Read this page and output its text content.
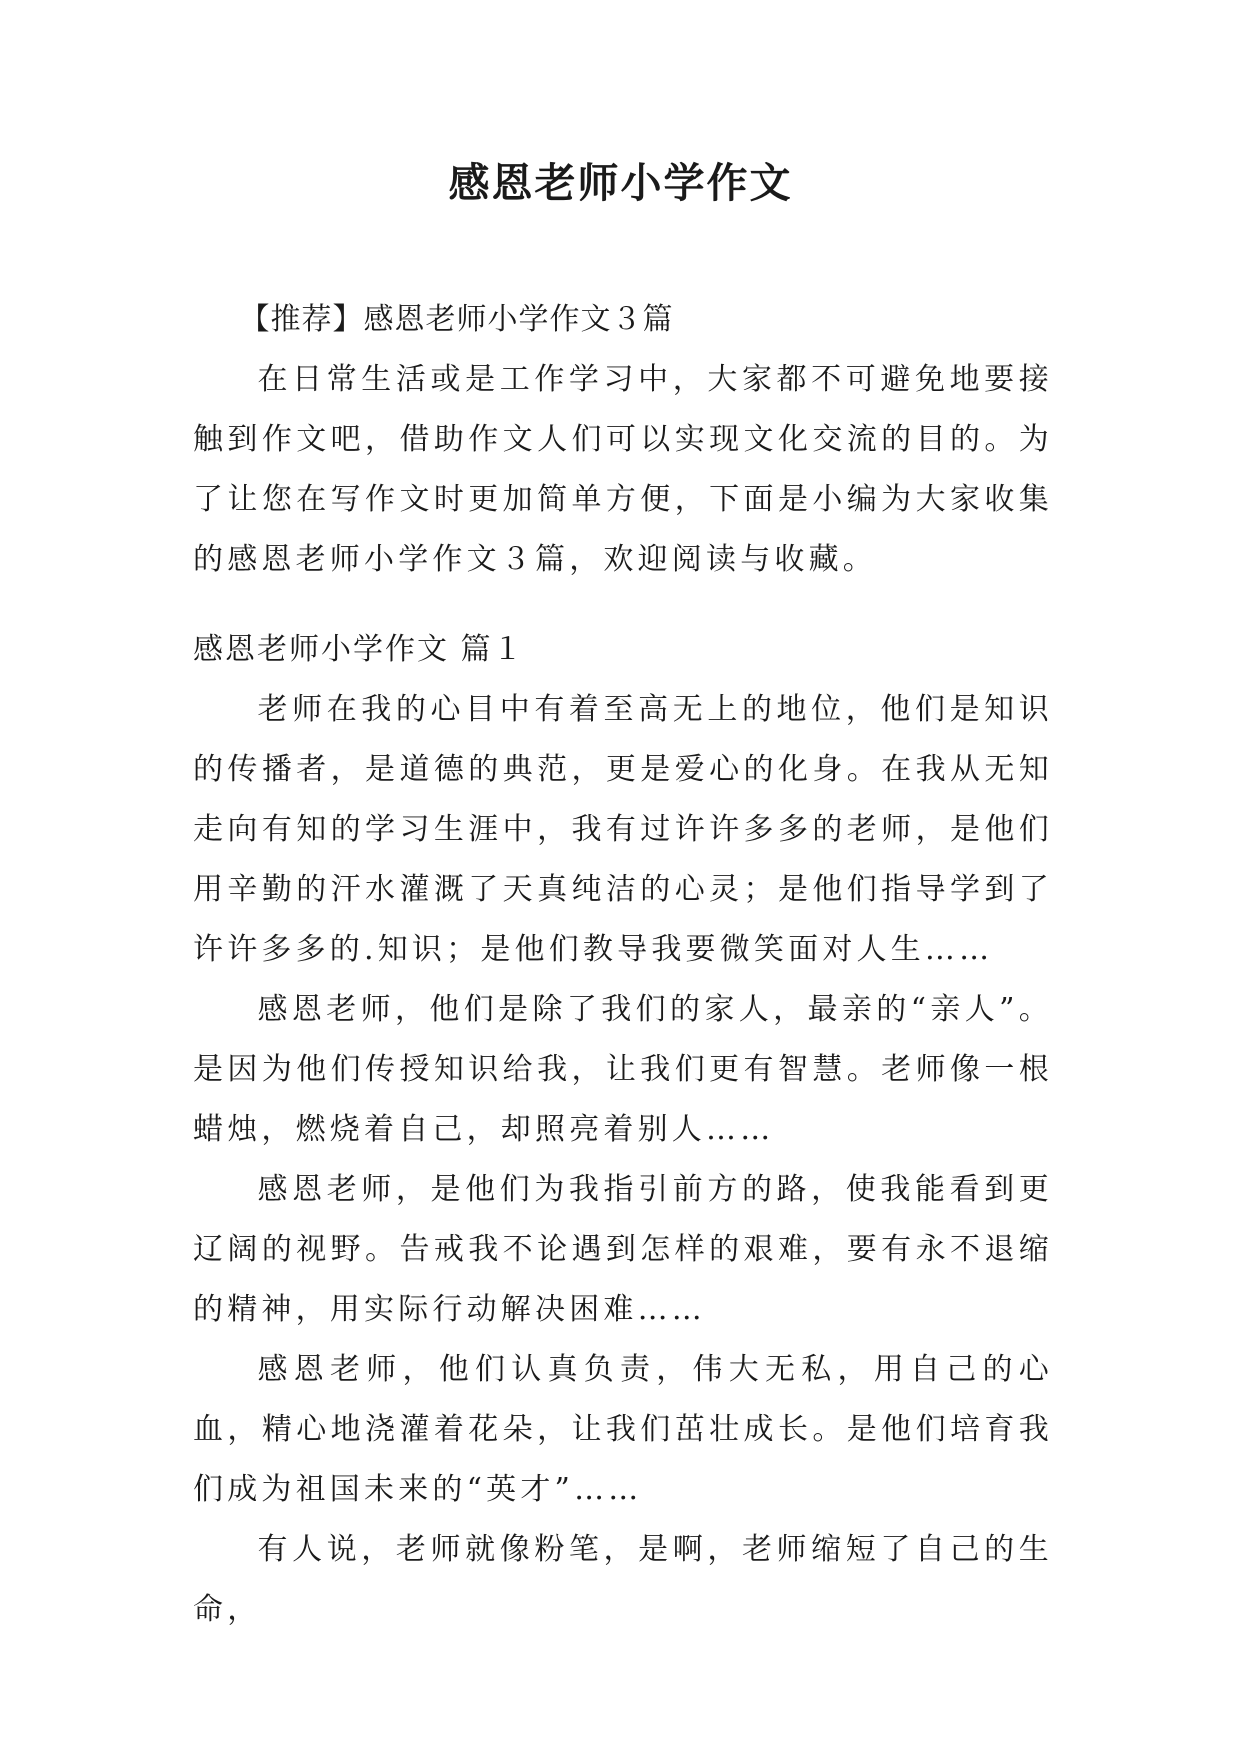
感恩老师小学作文

【推荐】感恩老师小学作文３篇

在日常生活或是工作学习中，大家都不可避免地要接触到作文吧，借助作文人们可以实现文化交流的目的。为了让您在写作文时更加简单方便，下面是小编为大家收集的感恩老师小学作文３篇，欢迎阅读与收藏。

感恩老师小学作文 篇１

老师在我的心目中有着至高无上的地位，他们是知识的传播者，是道德的典范，更是爱心的化身。在我从无知走向有知的学习生涯中，我有过许许多多的老师，是他们用辛勤的汗水灌溉了天真纯洁的心灵；是他们指导学到了许许多多的.知识；是他们教导我要微笑面对人生……

感恩老师，他们是除了我们的家人，最亲的“亲人”。是因为他们传授知识给我，让我们更有智慧。老师像一根蜡烛，燃烧着自己，却照亮着别人……

感恩老师，是他们为我指引前方的路，使我能看到更辽阔的视野。告戒我不论遇到怎样的艰难，要有永不退缩的精神，用实际行动解决困难……

感恩老师，他们认真负责，伟大无私，用自己的心血，精心地浇灌着花朵，让我们茁壮成长。是他们培育我们成为祖国未来的“英才”……

有人说，老师就像粉笔，是啊，老师缩短了自己的生命，
